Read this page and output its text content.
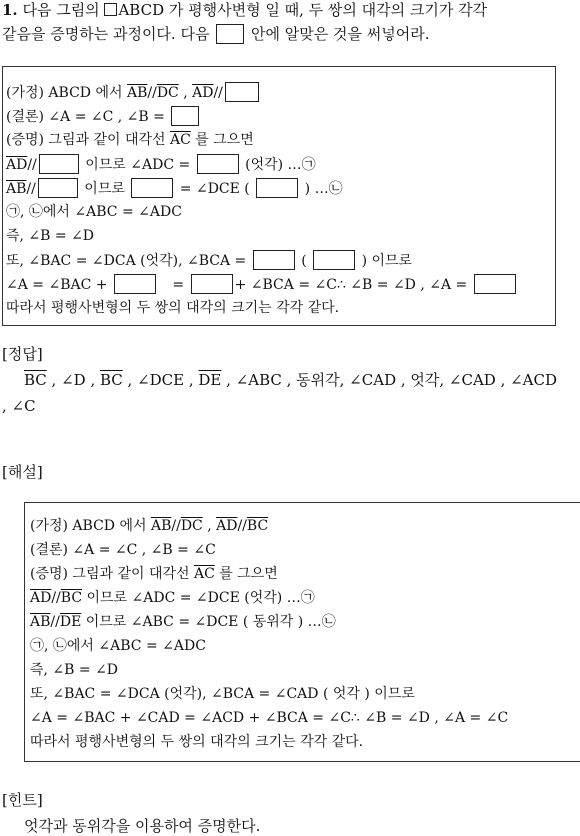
1. 다음 그림의 ABCD 가 평행사변형 일 때, 두 쌍의 대각의 크기가 각각
같음을 증명하는 과정이다. 다음	안에 알맞은 것을 써넣어라.
(가정) ABCD 에서 $\overline{AB}//\overline{DC}$ , $\overline{AD}//$
(결론) ∠A = ∠C , ∠B =
(증명) 그림과 같이 대각선 $\overline{AC}$ 를 그으면
$\overline{AD}//$	이므로 ∠ADC =	(엇각) …㉠
$\overline{AB}//$	이므로	= ∠DCE (	) …㉡
㉠, ㉡에서 ∠ABC = ∠ADC
즉, ∠B = ∠D
또, ∠BAC = ∠DCA (엇각), ∠BCA =	(	) 이므로
∠A = ∠BAC +	=	+ ∠BCA = ∠C∴ ∠B = ∠D , ∠A =
따라서 평행사변형의 두 쌍의 대각의 크기는 각각 같다.
[정답]
$\overline{BC}$ , ∠D , $\overline{BC}$ , ∠DCE , $\overline{DE}$ , ∠ABC , 동위각, ∠CAD , 엇각, ∠CAD , ∠ACD
, ∠C
[해설]
(가정) ABCD 에서 $\overline{AB}//\overline{DC}$ , $\overline{AD}//\overline{BC}$
(결론) ∠A = ∠C , ∠B = ∠C
(증명) 그림과 같이 대각선 $\overline{AC}$ 를 그으면
$\overline{AD}//\overline{BC}$ 이므로 ∠ADC = ∠DCE (엇각) …㉠
$\overline{AB}//\overline{DE}$ 이므로 ∠ABC = ∠DCE ( 동위각 ) …㉡
㉠, ㉡에서 ∠ABC = ∠ADC
즉, ∠B = ∠D
또, ∠BAC = ∠DCA (엇각), ∠BCA = ∠CAD ( 엇각 ) 이므로
∠A = ∠BAC + ∠CAD = ∠ACD + ∠BCA = ∠C∴ ∠B = ∠D , ∠A = ∠C
따라서 평행사변형의 두 쌍의 대각의 크기는 각각 같다.
[힌트]
엇각과 동위각을 이용하여 증명한다.
